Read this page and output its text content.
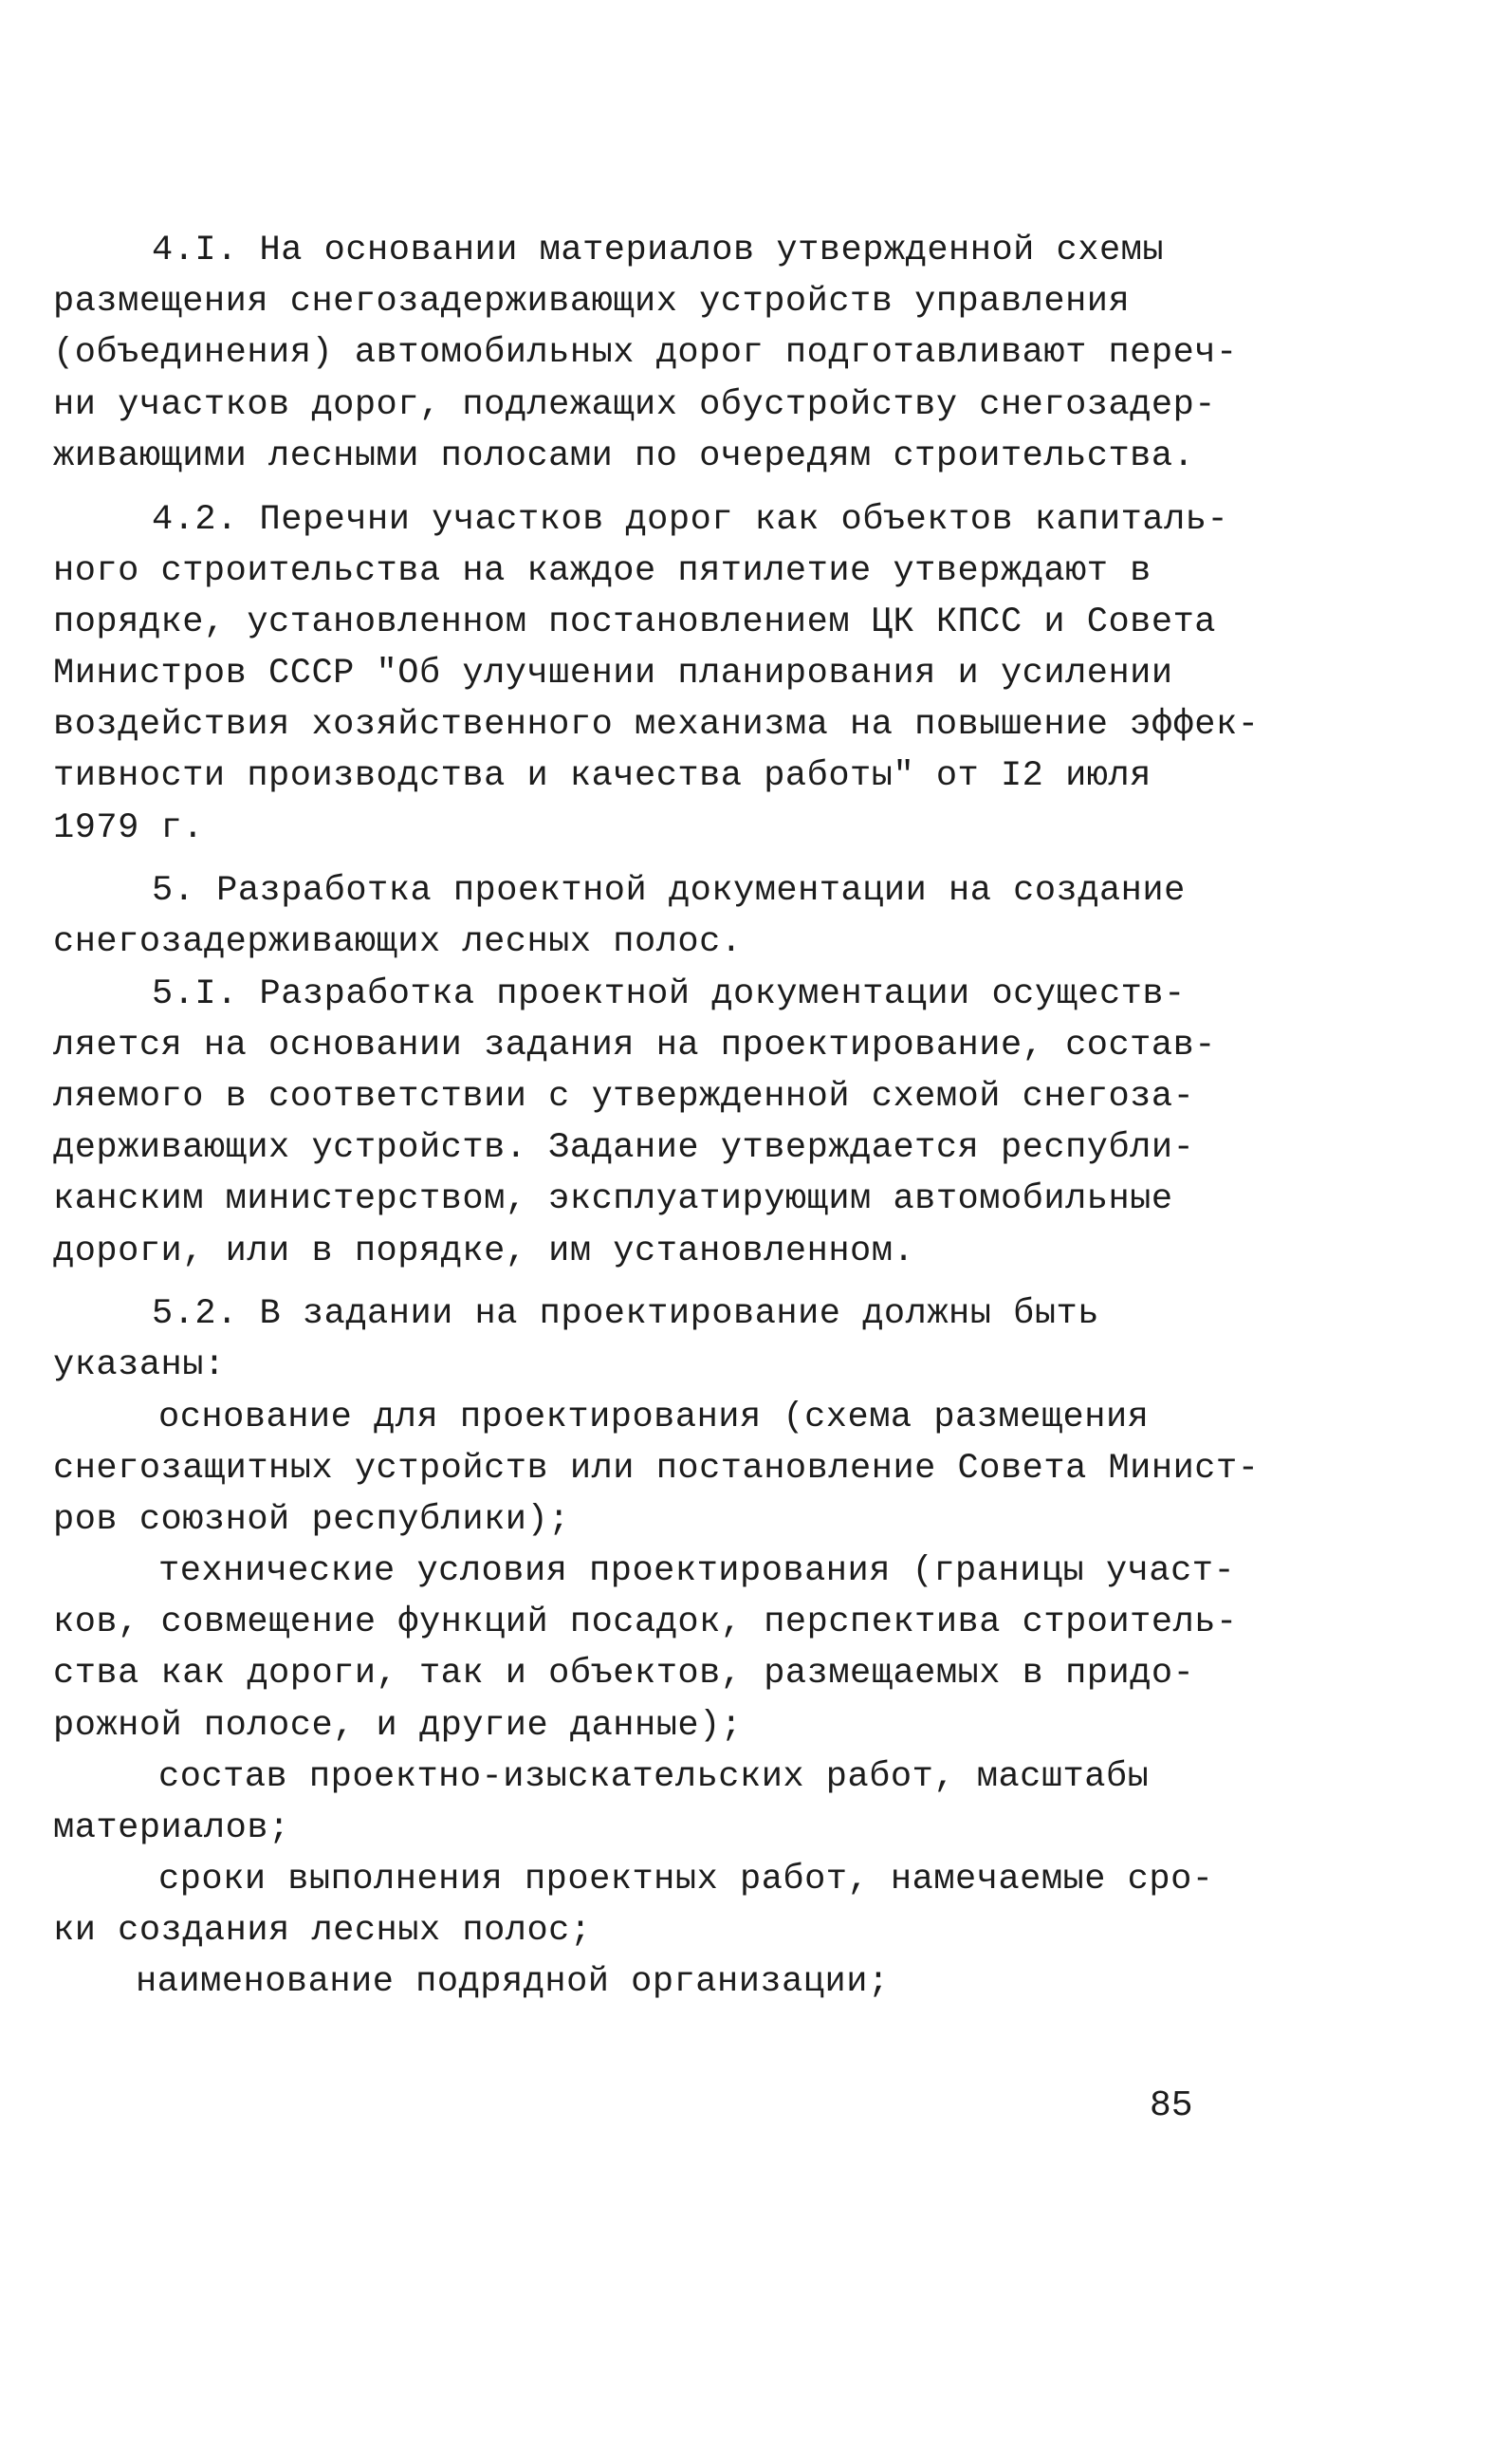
4.I. На основании материалов утвержденной схемы
размещения снегозадерживающих устройств управления
(объединения) автомобильных дорог подготавливают переч-
ни участков дорог, подлежащих обустройству снегозадер-
живающими лесными полосами по очередям строительства.
4.2. Перечни участков дорог как объектов капиталь-
ного строительства на каждое пятилетие утверждают в
порядке, установленном постановлением ЦК КПСС и Совета
Министров СССР "Об улучшении планирования и усилении
воздействия хозяйственного механизма на повышение эффек-
тивности производства и качества работы" от I2 июля
1979 г.
5. Разработка проектной документации на создание
снегозадерживающих лесных полос.
5.I. Разработка проектной документации осуществ-
ляется на основании задания на проектирование, состав-
ляемого в соответствии с утвержденной схемой снегоза-
держивающих устройств. Задание утверждается республи-
канским министерством, эксплуатирующим автомобильные
дороги, или в порядке, им установленном.
5.2. В задании на проектирование должны быть
указаны:
основание для проектирования (схема размещения
снегозащитных устройств или постановление Совета Минист-
ров союзной республики);
технические условия проектирования (границы участ-
ков, совмещение функций посадок, перспектива строитель-
ства как дороги, так и объектов, размещаемых в придо-
рожной полосе, и другие данные);
состав проектно-изыскательских работ, масштабы
материалов;
сроки выполнения проектных работ, намечаемые сро-
ки создания лесных полос;
наименование подрядной организации;
85
